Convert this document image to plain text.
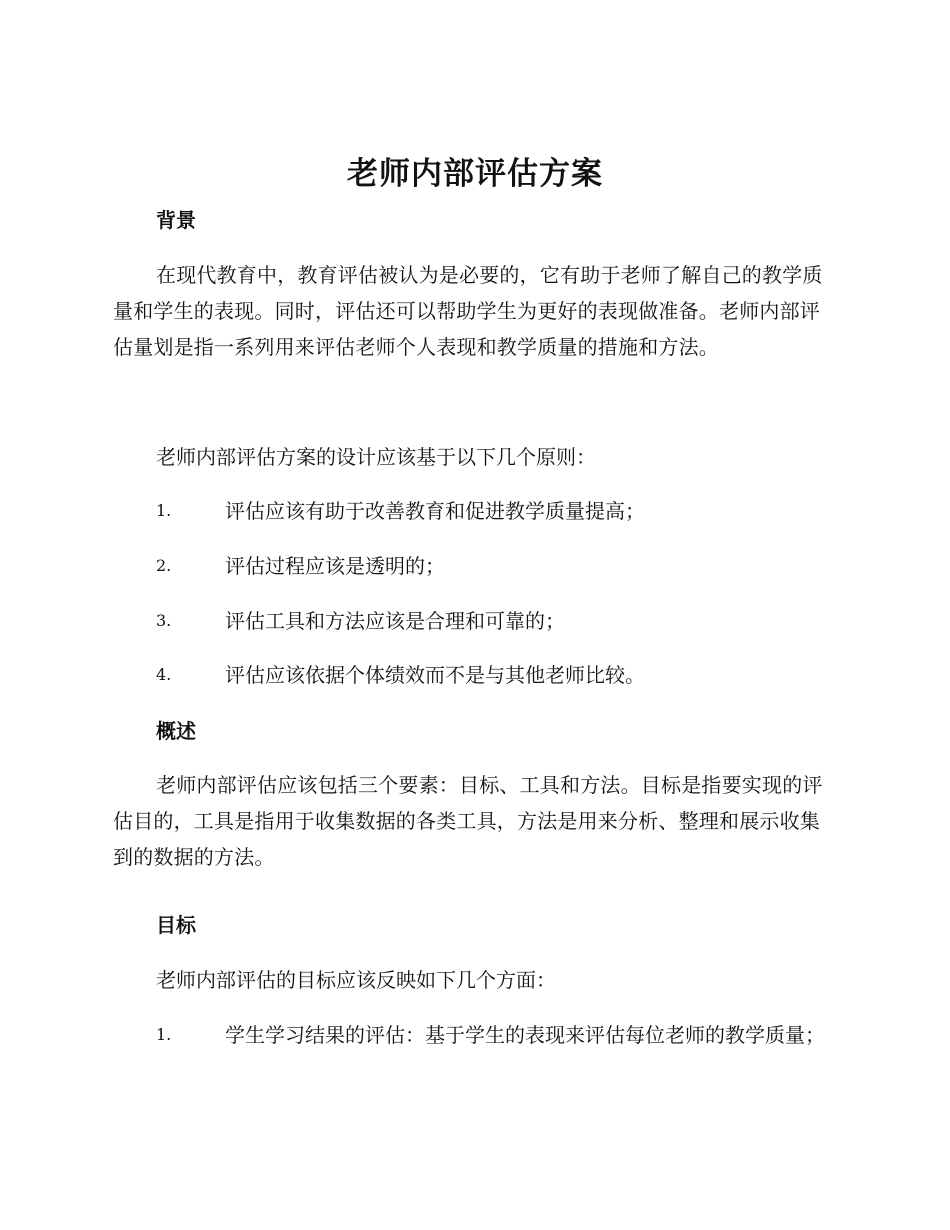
老师内部评估方案
背景

在现代教育中，教育评估被认为是必要的，它有助于老师了解自己的教学质量和学生的表现。同时，评估还可以帮助学生为更好的表现做准备。老师内部评估量划是指一系列用来评估老师个人表现和教学质量的措施和方法。

老师内部评估方案的设计应该基于以下几个原则：

1.	评估应该有助于改善教育和促进教学质量提高；
2.	评估过程应该是透明的；
3.	评估工具和方法应该是合理和可靠的；
4.	评估应该依据个体绩效而不是与其他老师比较。
概述

老师内部评估应该包括三个要素：目标、工具和方法。目标是指要实现的评估目的，工具是指用于收集数据的各类工具，方法是用来分析、整理和展示收集到的数据的方法。

目标

老师内部评估的目标应该反映如下几个方面：

1.	学生学习结果的评估：基于学生的表现来评估每位老师的教学质量；
